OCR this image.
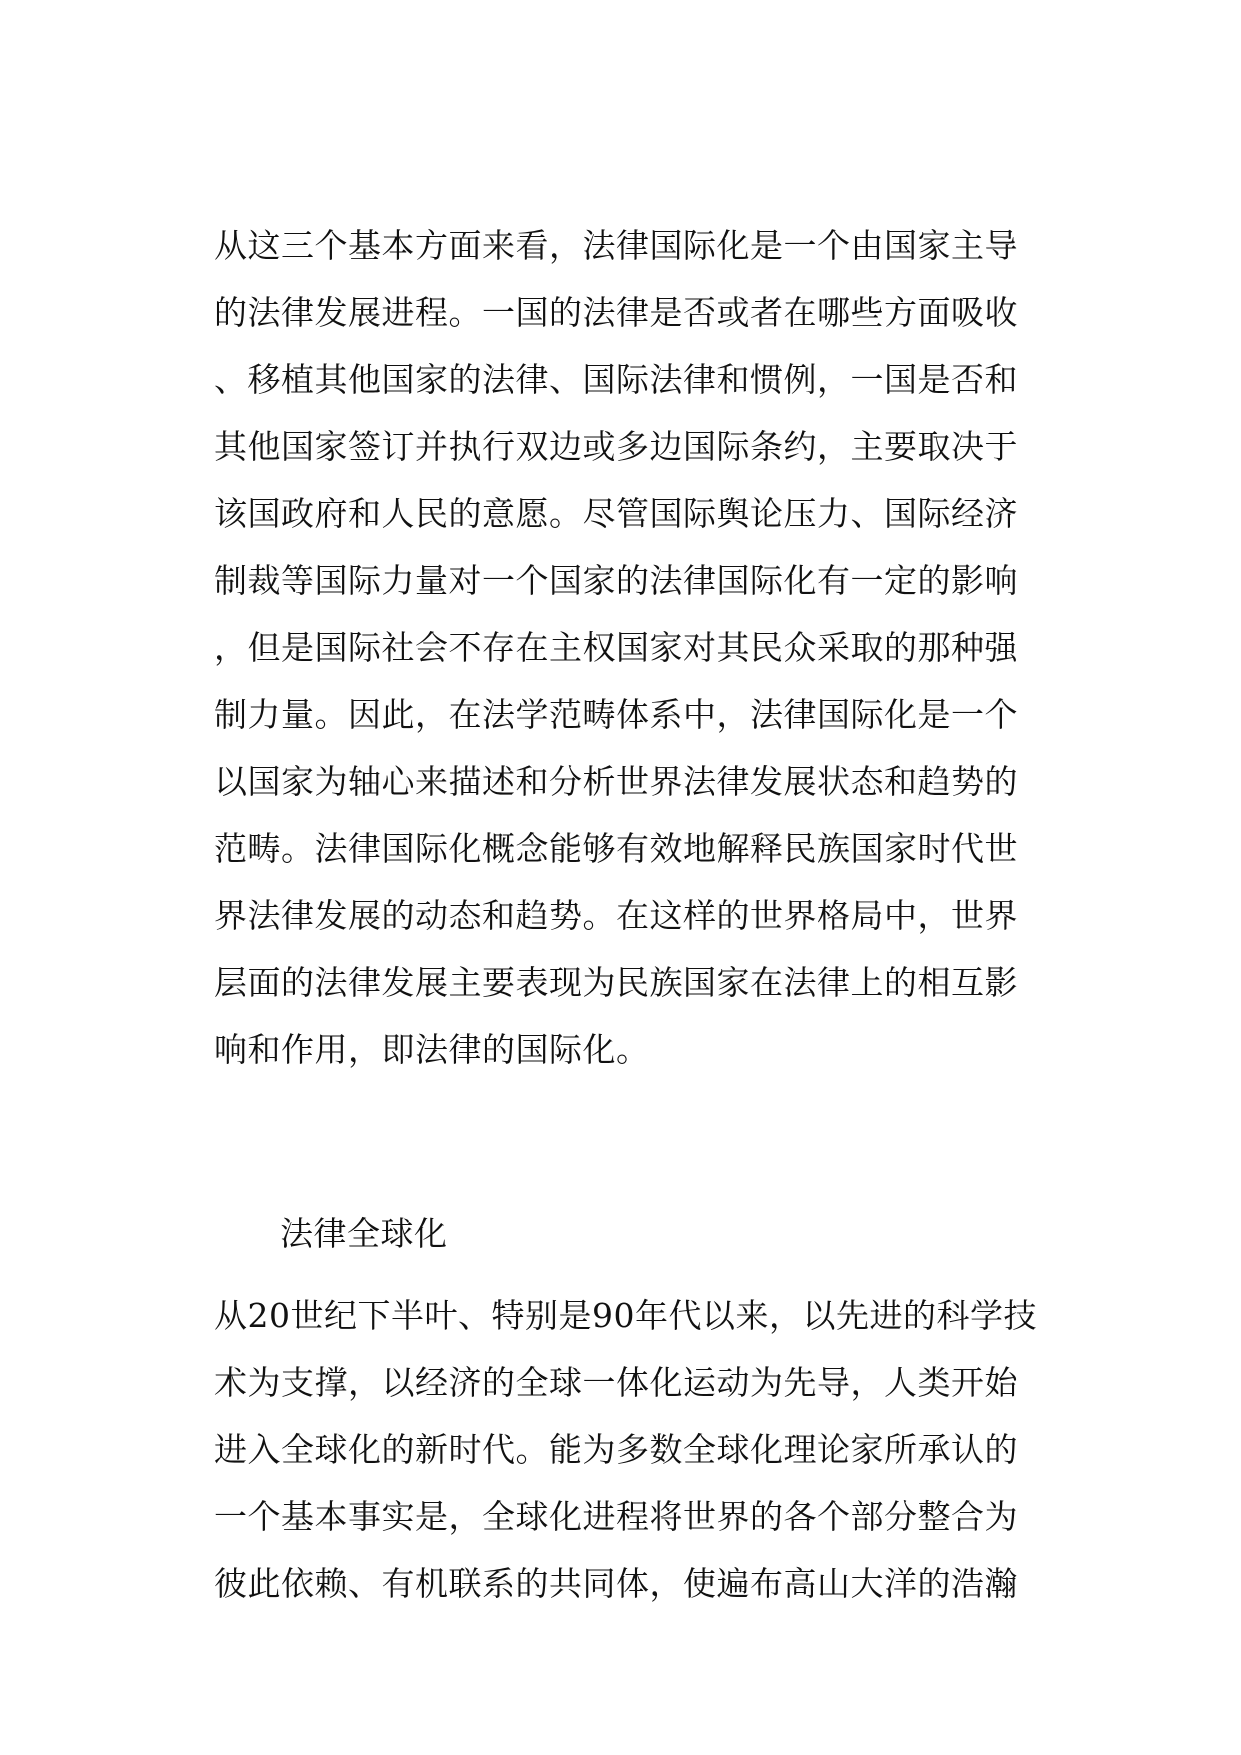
从这三个基本方面来看，法律国际化是一个由国家主导
的法律发展进程。一国的法律是否或者在哪些方面吸收
、移植其他国家的法律、国际法律和惯例，一国是否和
其他国家签订并执行双边或多边国际条约，主要取决于
该国政府和人民的意愿。尽管国际舆论压力、国际经济
制裁等国际力量对一个国家的法律国际化有一定的影响
，但是国际社会不存在主权国家对其民众采取的那种强
制力量。因此，在法学范畴体系中，法律国际化是一个
以国家为轴心来描述和分析世界法律发展状态和趋势的
范畴。法律国际化概念能够有效地解释民族国家时代世
界法律发展的动态和趋势。在这样的世界格局中，世界
层面的法律发展主要表现为民族国家在法律上的相互影
响和作用，即法律的国际化。
法律全球化
从20世纪下半叶、特别是90年代以来，以先进的科学技
术为支撑，以经济的全球一体化运动为先导，人类开始
进入全球化的新时代。能为多数全球化理论家所承认的
一个基本事实是，全球化进程将世界的各个部分整合为
彼此依赖、有机联系的共同体，使遍布高山大洋的浩瀚
